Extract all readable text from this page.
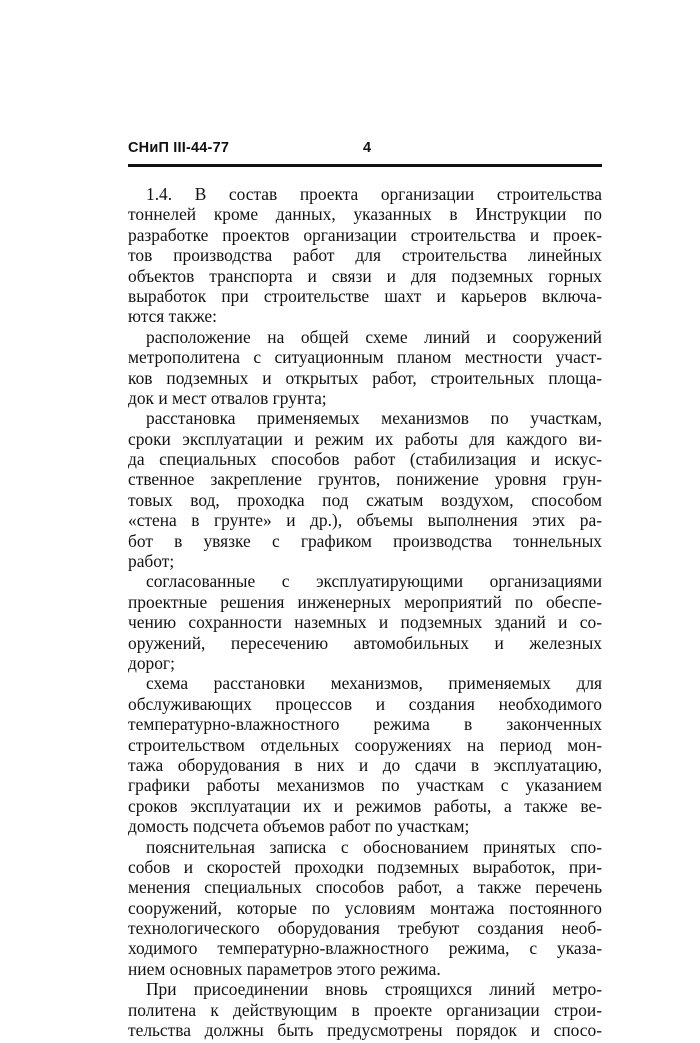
СНиП III-44-77	4
1.4. В состав проекта организации строительства
тоннелей кроме данных, указанных в Инструкции по
разработке проектов организации строительства и проек-
тов производства работ для строительства линейных
объектов транспорта и связи и для подземных горных
выработок при строительстве шахт и карьеров включа-
ются также:
расположение на общей схеме линий и сооружений
метрополитена с ситуационным планом местности участ-
ков подземных и открытых работ, строительных площа-
док и мест отвалов грунта;
расстановка применяемых механизмов по участкам,
сроки эксплуатации и режим их работы для каждого ви-
да специальных способов работ (стабилизация и искус-
ственное закрепление грунтов, понижение уровня грун-
товых вод, проходка под сжатым воздухом, способом
«стена в грунте» и др.), объемы выполнения этих ра-
бот в увязке с графиком производства тоннельных
работ;
согласованные с эксплуатирующими организациями
проектные решения инженерных мероприятий по обеспе-
чению сохранности наземных и подземных зданий и со-
оружений, пересечению автомобильных и железных
дорог;
схема расстановки механизмов, применяемых для
обслуживающих процессов и создания необходимого
температурно-влажностного режима в законченных
строительством отдельных сооружениях на период мон-
тажа оборудования в них и до сдачи в эксплуатацию,
графики работы механизмов по участкам с указанием
сроков эксплуатации их и режимов работы, а также ве-
домость подсчета объемов работ по участкам;
пояснительная записка с обоснованием принятых спо-
собов и скоростей проходки подземных выработок, при-
менения специальных способов работ, а также перечень
сооружений, которые по условиям монтажа постоянного
технологического оборудования требуют создания необ-
ходимого температурно-влажностного режима, с указа-
нием основных параметров этого режима.
При присоединении вновь строящихся линий метро-
политена к действующим в проекте организации строи-
тельства должны быть предусмотрены порядок и спосо-
